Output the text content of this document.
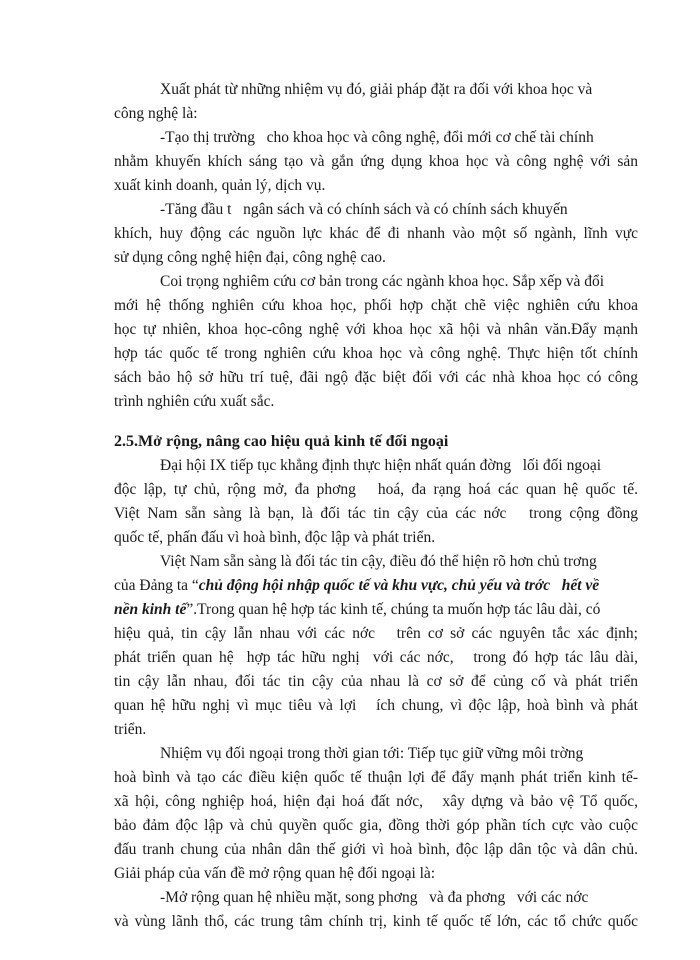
Xuất phát từ những nhiệm vụ đó, giải pháp đặt ra đối với khoa học và
công nghệ là:
-Tạo thị trường   cho khoa học và công nghệ, đổi mới cơ chế tài chính
nhằm khuyến khích sáng tạo và gắn ứng dụng khoa học và công nghệ với sản
xuất kinh doanh, quản lý, dịch vụ.
-Tăng đầu t   ngân sách và có chính sách và có chính sách khuyến
khích, huy động các nguồn lực khác để đi nhanh vào một số ngành, lĩnh vực
sử dụng công nghệ hiện đại, công nghệ cao.
Coi trọng nghiêm cứu cơ bản trong các ngành khoa học. Sắp xếp và đổi
mới hệ thống nghiên cứu khoa học, phối hợp chặt chẽ việc nghiên cứu khoa
học tự nhiên, khoa học-công nghệ với khoa học xã hội và nhân văn.Đẩy mạnh
hợp tác quốc tế trong nghiên cứu khoa học và công nghệ. Thực hiện tốt chính
sách bảo hộ sở hữu trí tuệ, đãi ngộ đặc biệt đối với các nhà khoa học có công
trình nghiên cứu xuất sắc.
2.5.Mở rộng, nâng cao hiệu quả kinh tế đối ngoại
Đại hội IX tiếp tục khẳng định thực hiện nhất quán đờng   lối đối ngoại
độc lập, tự chủ, rộng mở, đa phơng   hoá, đa rạng hoá các quan hệ quốc tế.
Việt Nam sẵn sàng là bạn, là đối tác tin cậy của các nớc   trong cộng đồng
quốc tế, phấn đấu vì hoà bình, độc lập và phát triển.
Việt Nam sẵn sàng là đối tác tin cậy, điều đó thể hiện rõ hơn chủ trơng
của Đảng ta “chủ động hội nhập quốc tế và khu vực, chủ yếu và trớc   hết về
nền kinh tế”.Trong quan hệ hợp tác kinh tế, chúng ta muốn hợp tác lâu dài, có
hiệu quả, tin cậy lẫn nhau với các nớc   trên cơ sở các nguyên tắc xác định;
phát triển quan hệ  hợp tác hữu nghị  với các nớc,   trong đó hợp tác lâu dài,
tin cậy lẫn nhau, đối tác tin cậy của nhau là cơ sở để củng cố và phát triển
quan hệ hữu nghị vì mục tiêu và lợi   ích chung, vì độc lập, hoà bình và phát
triển.
Nhiệm vụ đối ngoại trong thời gian tới: Tiếp tục giữ vững môi trờng
hoà bình và tạo các điều kiện quốc tế thuận lợi để đẩy mạnh phát triển kinh tế-
xã hội, công nghiệp hoá, hiện đại hoá đất nớc,   xây dựng và bảo vệ Tổ quốc,
bảo đảm độc lập và chủ quyền quốc gia, đồng thời góp phần tích cực vào cuộc
đấu tranh chung của nhân dân thế giới vì hoà bình, độc lập dân tộc và dân chủ.
Giải pháp của vấn đề mở rộng quan hệ đối ngoại là:
-Mở rộng quan hệ nhiều mặt, song phơng   và đa phơng   với các nớc
và vùng lãnh thổ, các trung tâm chính trị, kinh tế quốc tế lớn, các tổ chức quốc
